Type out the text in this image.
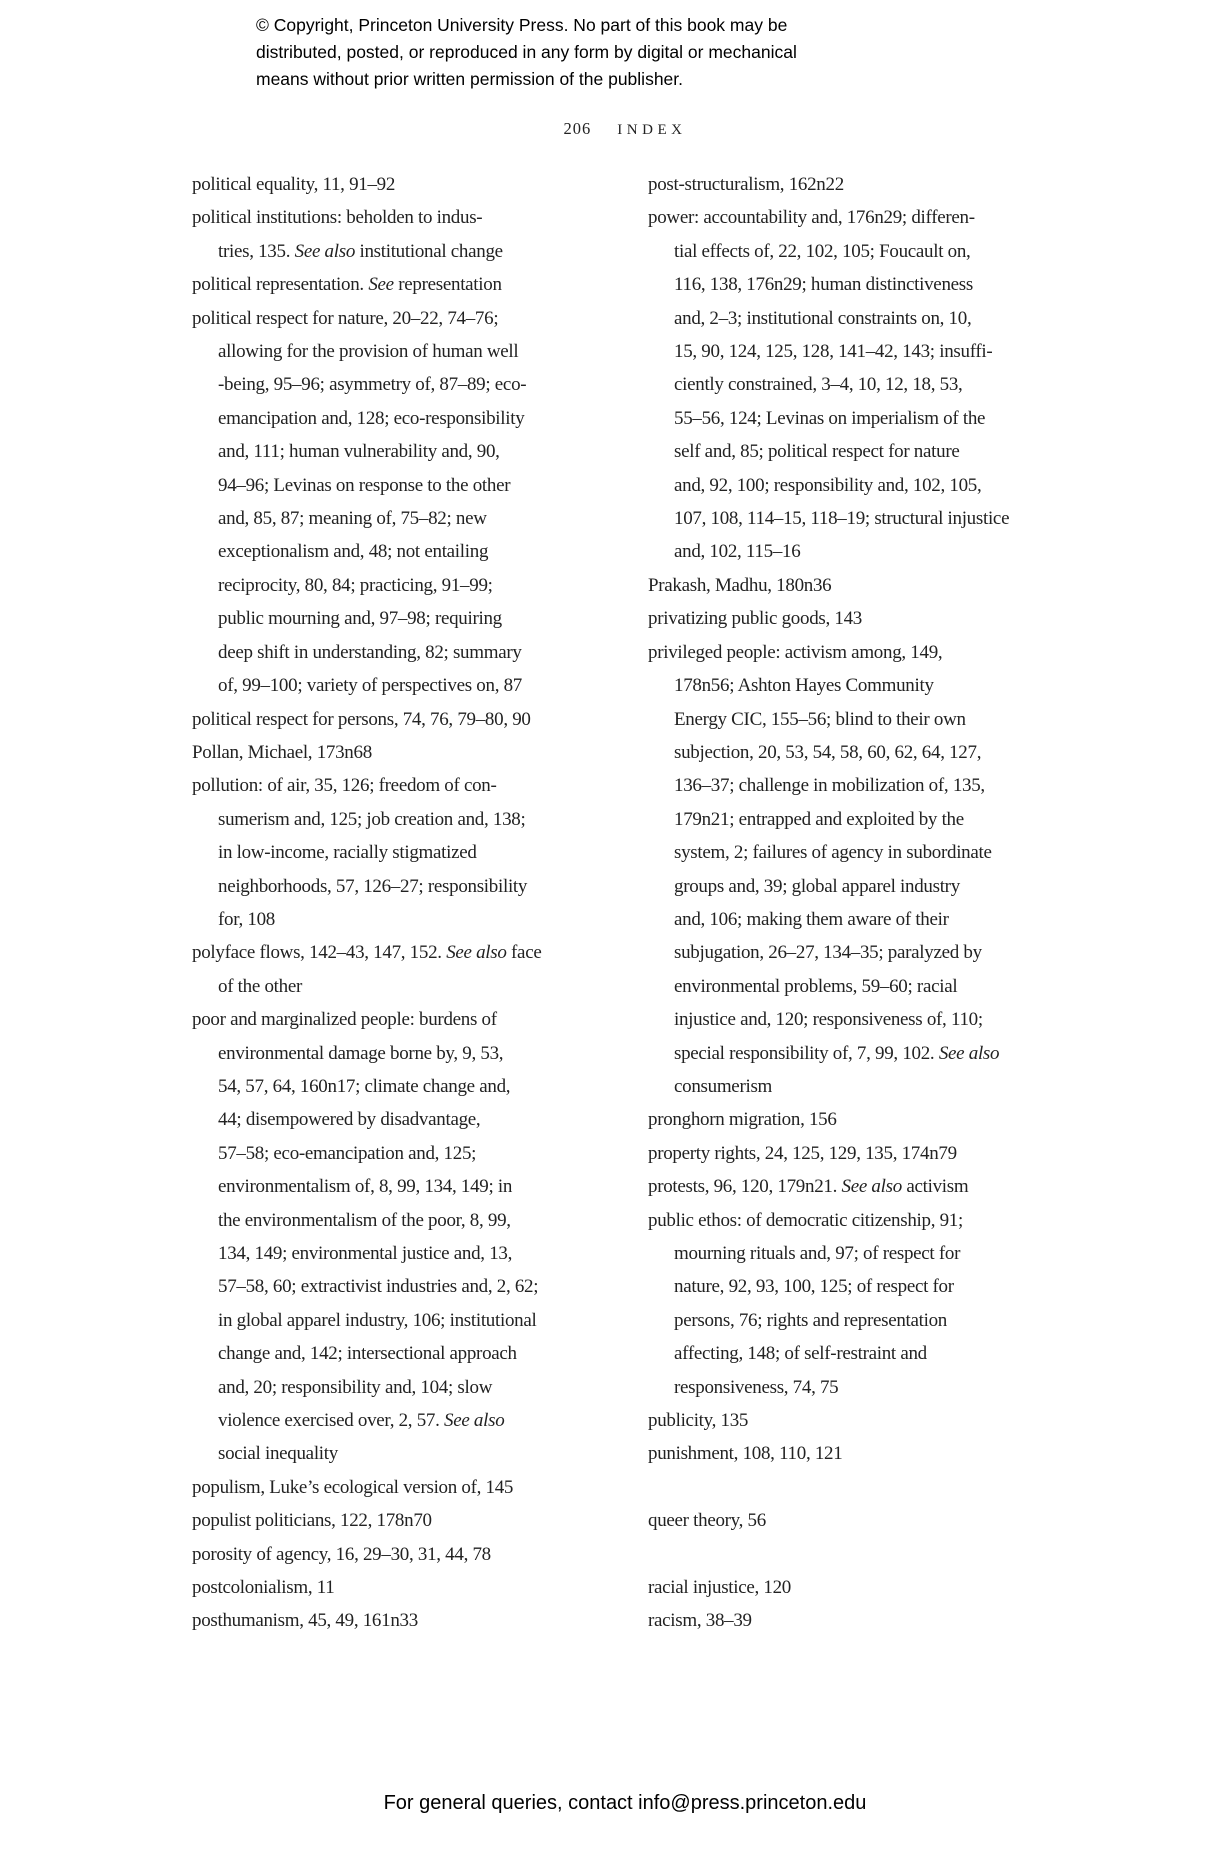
© Copyright, Princeton University Press. No part of this book may be
distributed, posted, or reproduced in any form by digital or mechanical
means without prior written permission of the publisher.
206 INDEX
political equality, 11, 91–92
political institutions: beholden to indus-
tries, 135. See also institutional change
political representation. See representation
political respect for nature, 20–22, 74–76;
allowing for the provision of human well
-being, 95–96; asymmetry of, 87–89; eco-
emancipation and, 128; eco-responsibility
and, 111; human vulnerability and, 90,
94–96; Levinas on response to the other
and, 85, 87; meaning of, 75–82; new
exceptionalism and, 48; not entailing
reciprocity, 80, 84; practicing, 91–99;
public mourning and, 97–98; requiring
deep shift in understanding, 82; summary
of, 99–100; variety of perspectives on, 87
political respect for persons, 74, 76, 79–80, 90
Pollan, Michael, 173n68
pollution: of air, 35, 126; freedom of con-
sumerism and, 125; job creation and, 138;
in low-income, racially stigmatized
neighborhoods, 57, 126–27; responsibility
for, 108
polyface flows, 142–43, 147, 152. See also face
of the other
poor and marginalized people: burdens of
environmental damage borne by, 9, 53,
54, 57, 64, 160n17; climate change and,
44; disempowered by disadvantage,
57–58; eco-emancipation and, 125;
environmentalism of, 8, 99, 134, 149; in
the environmentalism of the poor, 8, 99,
134, 149; environmental justice and, 13,
57–58, 60; extractivist industries and, 2, 62;
in global apparel industry, 106; institutional
change and, 142; intersectional approach
and, 20; responsibility and, 104; slow
violence exercised over, 2, 57. See also
social inequality
populism, Luke’s ecological version of, 145
populist politicians, 122, 178n70
porosity of agency, 16, 29–30, 31, 44, 78
postcolonialism, 11
posthumanism, 45, 49, 161n33
post-structuralism, 162n22
power: accountability and, 176n29; differen-
tial effects of, 22, 102, 105; Foucault on,
116, 138, 176n29; human distinctiveness
and, 2–3; institutional constraints on, 10,
15, 90, 124, 125, 128, 141–42, 143; insuffi-
ciently constrained, 3–4, 10, 12, 18, 53,
55–56, 124; Levinas on imperialism of the
self and, 85; political respect for nature
and, 92, 100; responsibility and, 102, 105,
107, 108, 114–15, 118–19; structural injustice
and, 102, 115–16
Prakash, Madhu, 180n36
privatizing public goods, 143
privileged people: activism among, 149,
178n56; Ashton Hayes Community
Energy CIC, 155–56; blind to their own
subjection, 20, 53, 54, 58, 60, 62, 64, 127,
136–37; challenge in mobilization of, 135,
179n21; entrapped and exploited by the
system, 2; failures of agency in subordinate
groups and, 39; global apparel industry
and, 106; making them aware of their
subjugation, 26–27, 134–35; paralyzed by
environmental problems, 59–60; racial
injustice and, 120; responsiveness of, 110;
special responsibility of, 7, 99, 102. See also
consumerism
pronghorn migration, 156
property rights, 24, 125, 129, 135, 174n79
protests, 96, 120, 179n21. See also activism
public ethos: of democratic citizenship, 91;
mourning rituals and, 97; of respect for
nature, 92, 93, 100, 125; of respect for
persons, 76; rights and representation
affecting, 148; of self-restraint and
responsiveness, 74, 75
publicity, 135
punishment, 108, 110, 121

queer theory, 56

racial injustice, 120
racism, 38–39
For general queries, contact info@press.princeton.edu
